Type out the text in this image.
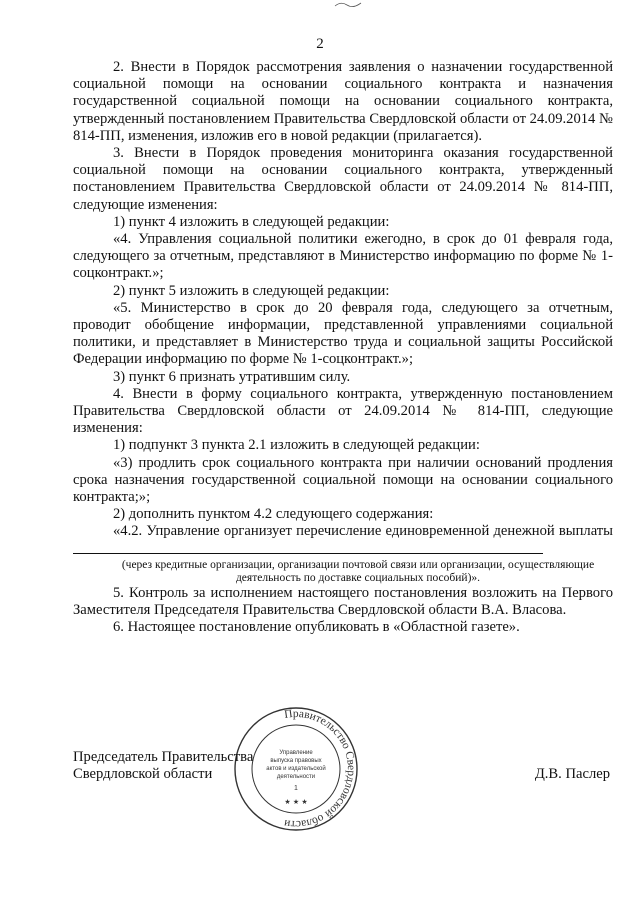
2

2. Внести в Порядок рассмотрения заявления о назначении государственной социальной помощи на основании социального контракта и назначения государственной социальной помощи на основании социального контракта, утвержденный постановлением Правительства Свердловской области от 24.09.2014 № 814-ПП, изменения, изложив его в новой редакции (прилагается).

3. Внести в Порядок проведения мониторинга оказания государственной социальной помощи на основании социального контракта, утвержденный постановлением Правительства Свердловской области от 24.09.2014 № 814-ПП, следующие изменения:

1) пункт 4 изложить в следующей редакции:

«4. Управления социальной политики ежегодно, в срок до 01 февраля года, следующего за отчетным, представляют в Министерство информацию по форме № 1-соцконтракт.»;

2) пункт 5 изложить в следующей редакции:

«5. Министерство в срок до 20 февраля года, следующего за отчетным, проводит обобщение информации, представленной управлениями социальной политики, и представляет в Министерство труда и социальной защиты Российской Федерации информацию по форме № 1-соцконтракт.»;

3) пункт 6 признать утратившим силу.

4. Внести в форму социального контракта, утвержденную постановлением Правительства Свердловской области от 24.09.2014 № 814-ПП, следующие изменения:

1) подпункт 3 пункта 2.1 изложить в следующей редакции:

«3) продлить срок социального контракта при наличии оснований продления срока назначения государственной социальной помощи на основании социального контракта;»;

2) дополнить пунктом 4.2 следующего содержания:

«4.2. Управление организует перечисление единовременной денежной выплаты

(через кредитные организации, организации почтовой связи или организации, осуществляющие деятельность по доставке социальных пособий)».

5. Контроль за исполнением настоящего постановления возложить на Первого Заместителя Председателя Правительства Свердловской области В.А. Власова.

6. Настоящее постановление опубликовать в «Областной газете».

Правительство Свердловской области
Управление
выпуска правовых
актов и издательской
деятельности
1
★ ★ ★
Председатель Правительства
Свердловской области	Д.В. Паслер
